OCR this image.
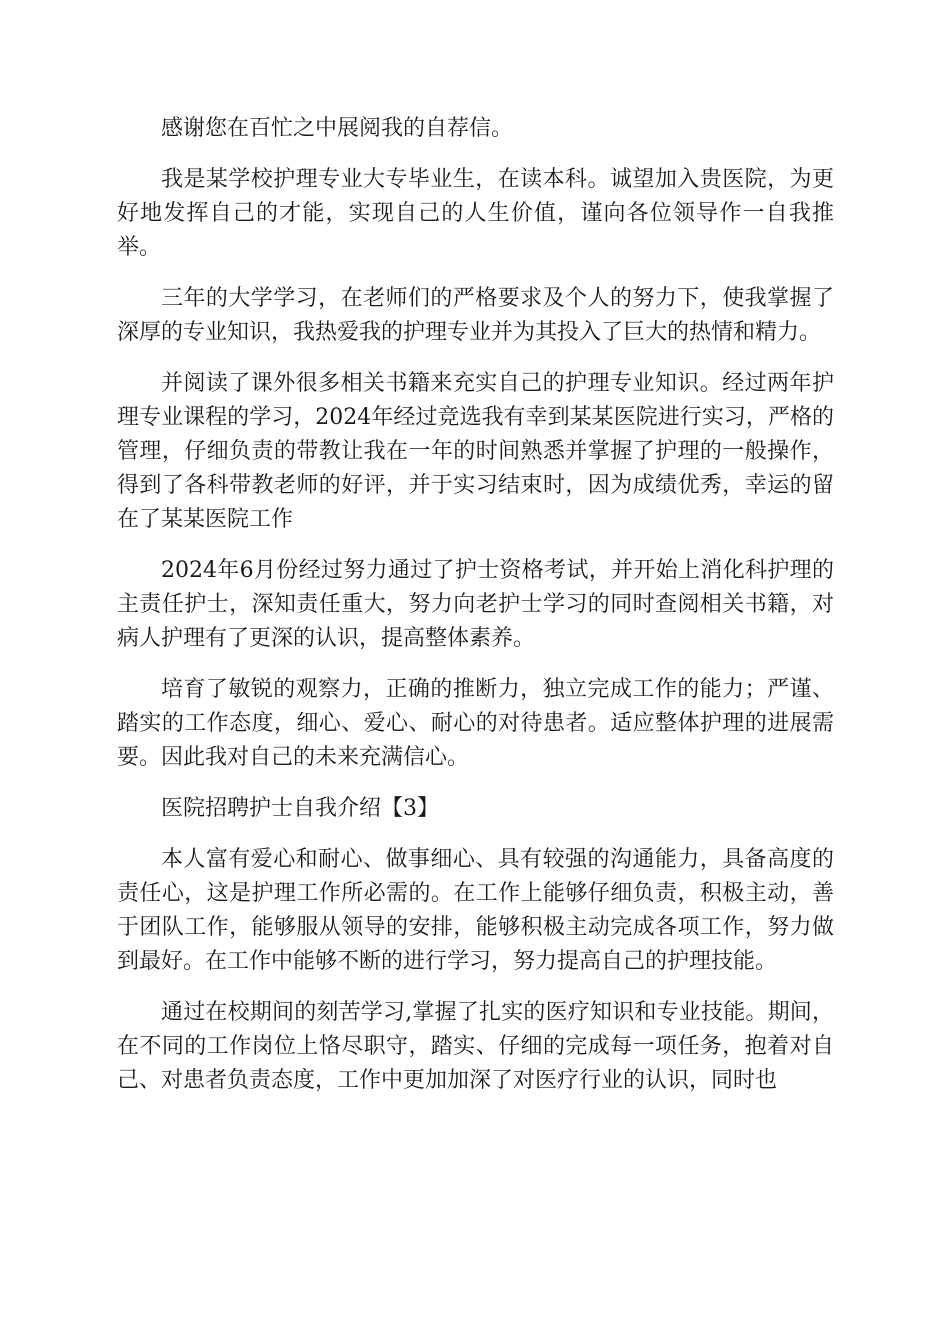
感谢您在百忙之中展阅我的自荐信。

我是某学校护理专业大专毕业生，在读本科。诚望加入贵医院，为更好地发挥自己的才能，实现自己的人生价值，谨向各位领导作一自我推举。

三年的大学学习，在老师们的严格要求及个人的努力下，使我掌握了深厚的专业知识，我热爱我的护理专业并为其投入了巨大的热情和精力。

并阅读了课外很多相关书籍来充实自己的护理专业知识。经过两年护理专业课程的学习，2024年经过竞选我有幸到某某医院进行实习，严格的管理，仔细负责的带教让我在一年的时间熟悉并掌握了护理的一般操作，得到了各科带教老师的好评，并于实习结束时，因为成绩优秀，幸运的留在了某某医院工作

2024年6月份经过努力通过了护士资格考试，并开始上消化科护理的主责任护士，深知责任重大，努力向老护士学习的同时查阅相关书籍，对病人护理有了更深的认识，提高整体素养。

培育了敏锐的观察力，正确的推断力，独立完成工作的能力；严谨、踏实的工作态度，细心、爱心、耐心的对待患者。适应整体护理的进展需要。因此我对自己的未来充满信心。

医院招聘护士自我介绍【3】

本人富有爱心和耐心、做事细心、具有较强的沟通能力，具备高度的责任心，这是护理工作所必需的。在工作上能够仔细负责，积极主动，善于团队工作，能够服从领导的安排，能够积极主动完成各项工作，努力做到最好。在工作中能够不断的进行学习，努力提高自己的护理技能。

通过在校期间的刻苦学习,掌握了扎实的医疗知识和专业技能。期间，在不同的工作岗位上恪尽职守，踏实、仔细的完成每一项任务，抱着对自己、对患者负责态度，工作中更加加深了对医疗行业的认识，同时也
